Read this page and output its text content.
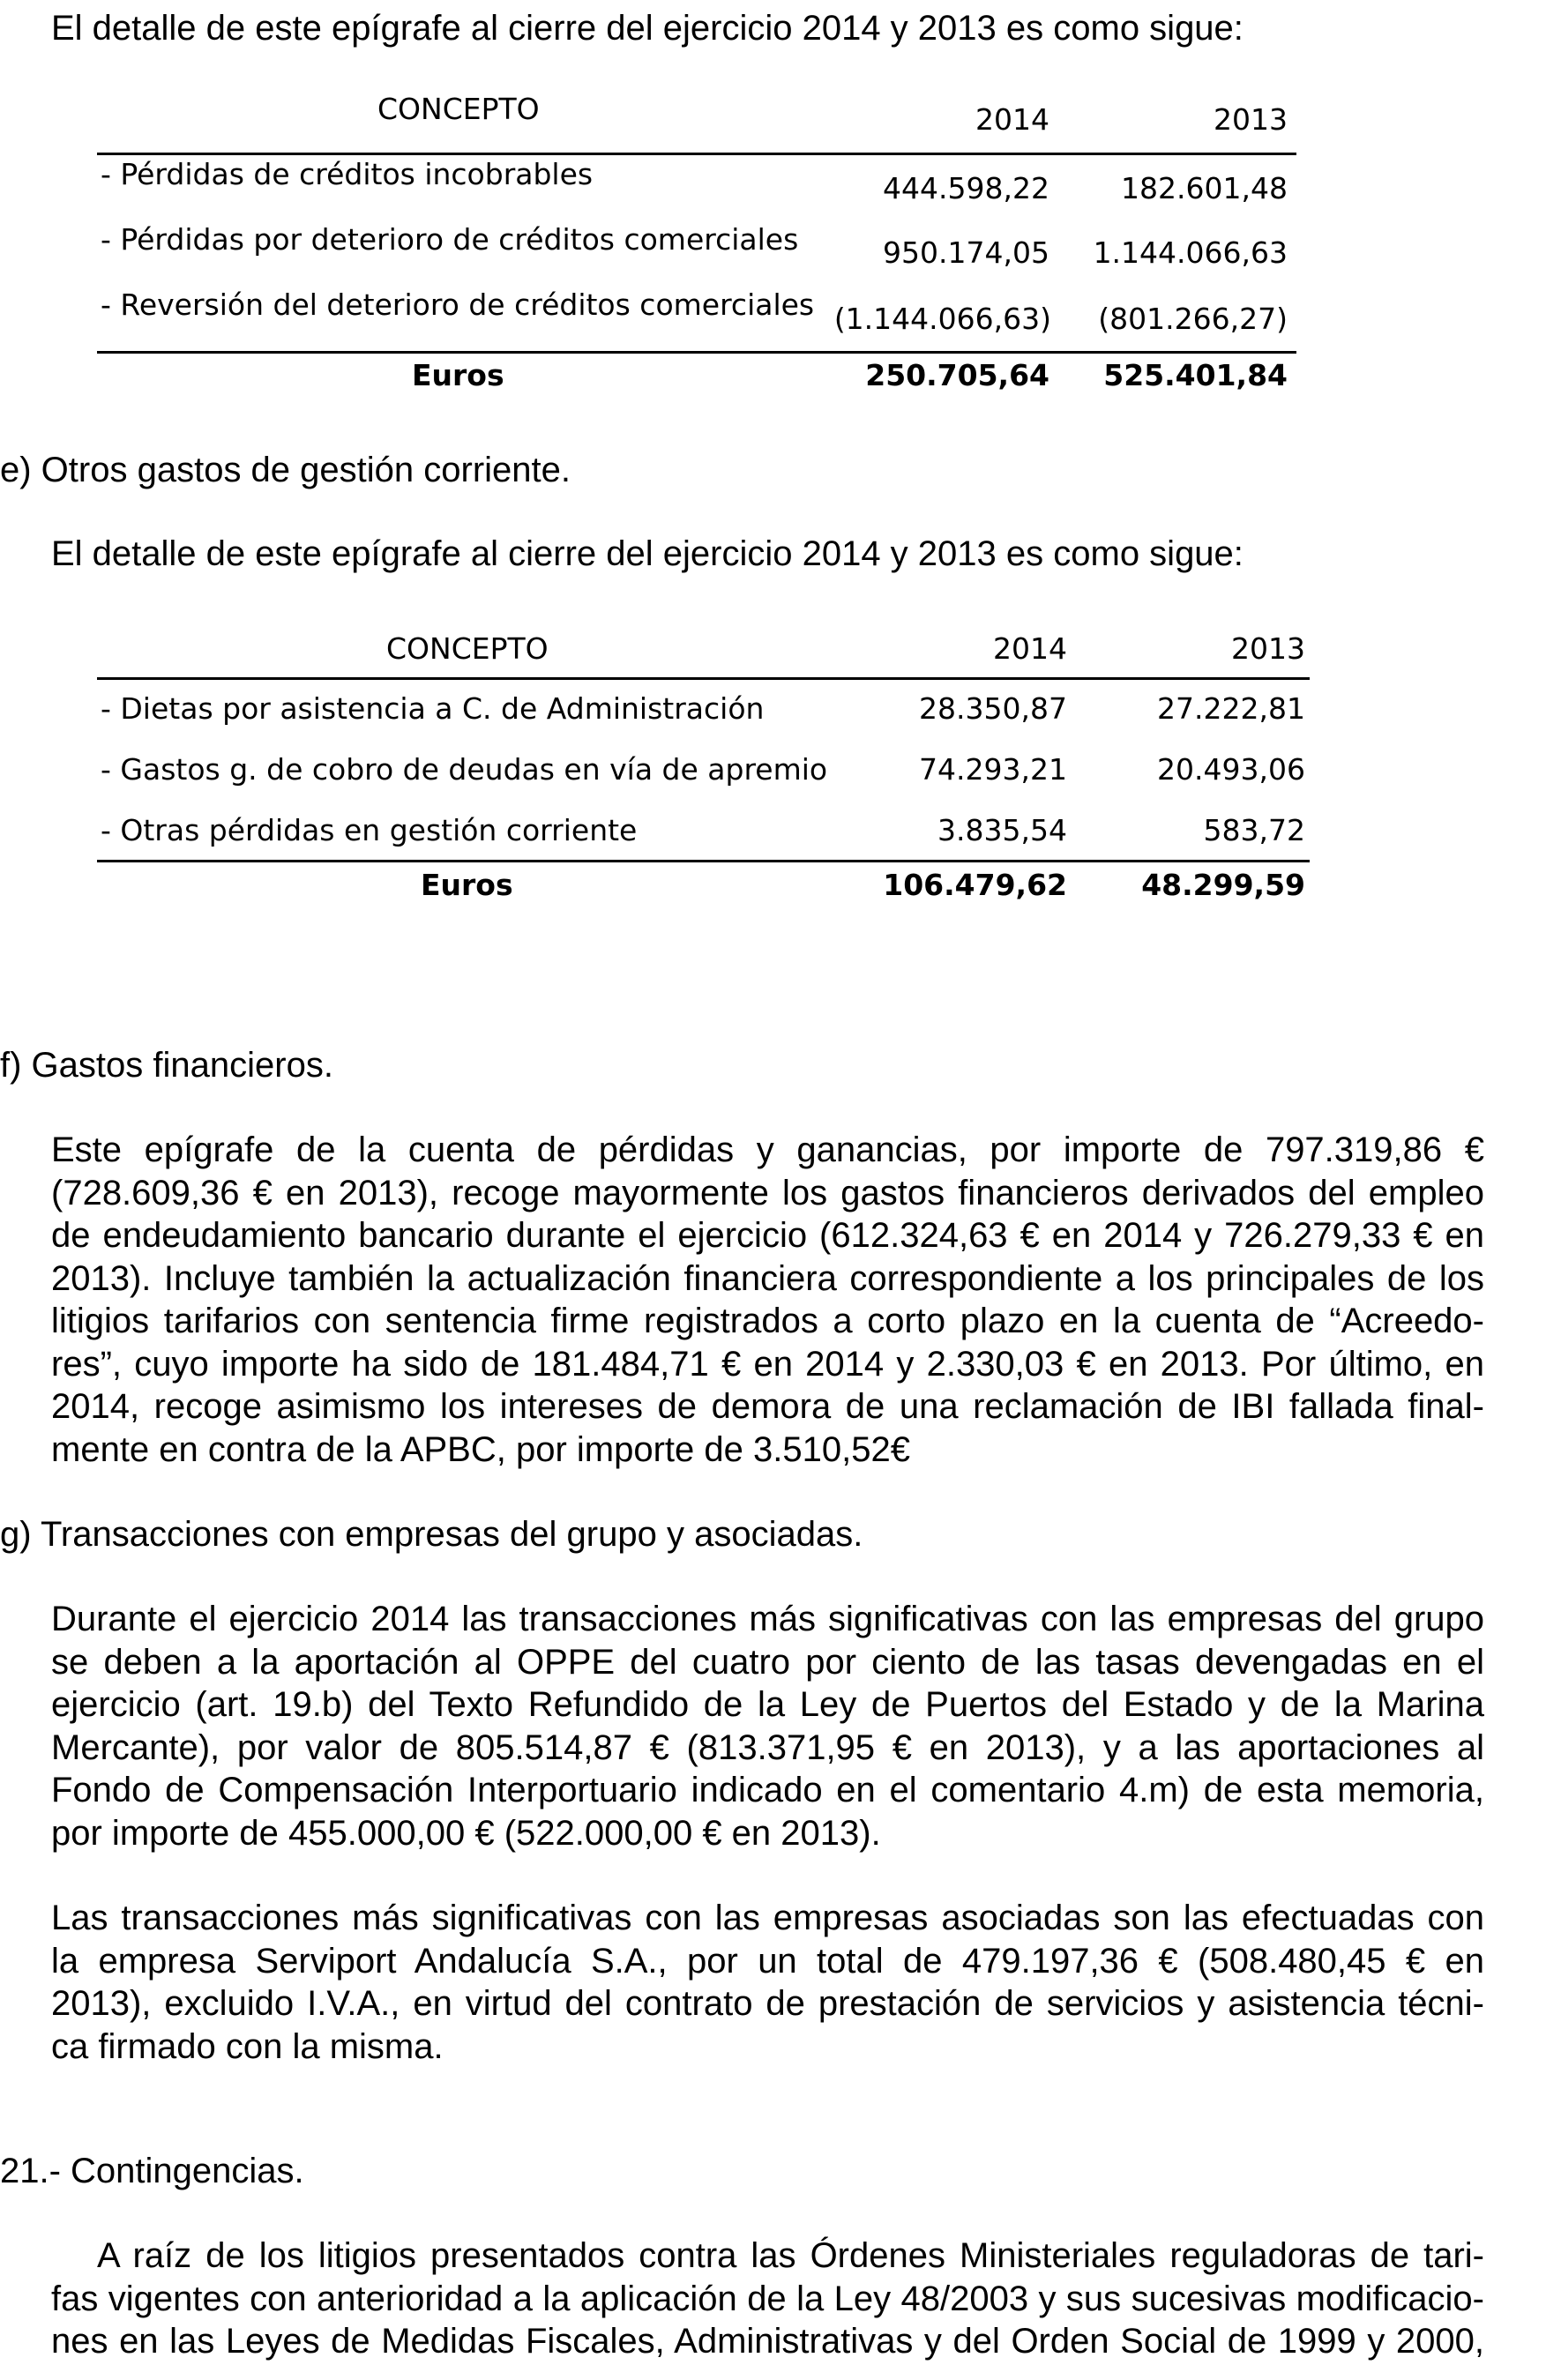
El detalle de este epígrafe al cierre del ejercicio 2014 y 2013 es como sigue:
CONCEPTO	2014	2013
- Pérdidas de créditos incobrables	444.598,22	182.601,48
- Pérdidas por deterioro de créditos comerciales	950.174,05	1.144.066,63
- Reversión del deterioro de créditos comerciales (1.144.066,63)	(801.266,27)
Euros	250.705,64	525.401,84
e) Otros gastos de gestión corriente.
El detalle de este epígrafe al cierre del ejercicio 2014 y 2013 es como sigue:
CONCEPTO	2014	2013
- Dietas por asistencia a C. de Administración	28.350,87	27.222,81
- Gastos g. de cobro de deudas en vía de apremio	74.293,21	20.493,06
- Otras pérdidas en gestión corriente	3.835,54	583,72
Euros	106.479,62	48.299,59
f) Gastos financieros.
Este epígrafe de la cuenta de pérdidas y ganancias, por importe de 797.319,86 €
(728.609,36 € en 2013), recoge mayormente los gastos financieros derivados del empleo
de endeudamiento bancario durante el ejercicio (612.324,63 € en 2014 y 726.279,33 € en
2013). Incluye también la actualización financiera correspondiente a los principales de los
litigios tarifarios con sentencia firme registrados a corto plazo en la cuenta de “Acreedo-
res”, cuyo importe ha sido de 181.484,71 € en 2014 y 2.330,03 € en 2013. Por último, en
2014, recoge asimismo los intereses de demora de una reclamación de IBI fallada final-
mente en contra de la APBC, por importe de 3.510,52€
g) Transacciones con empresas del grupo y asociadas.
Durante el ejercicio 2014 las transacciones más significativas con las empresas del grupo
se deben a la aportación al OPPE del cuatro por ciento de las tasas devengadas en el
ejercicio (art. 19.b) del Texto Refundido de la Ley de Puertos del Estado y de la Marina
Mercante), por valor de 805.514,87 € (813.371,95 € en 2013), y a las aportaciones al
Fondo de Compensación Interportuario indicado en el comentario 4.m) de esta memoria,
por importe de 455.000,00 € (522.000,00 € en 2013).
Las transacciones más significativas con las empresas asociadas son las efectuadas con
la empresa Serviport Andalucía S.A., por un total de 479.197,36 € (508.480,45 € en
2013), excluido I.V.A., en virtud del contrato de prestación de servicios y asistencia técni-
ca firmado con la misma.
21.- Contingencias.
A raíz de los litigios presentados contra las Órdenes Ministeriales reguladoras de tari-
fas vigentes con anterioridad a la aplicación de la Ley 48/2003 y sus sucesivas modificacio-
nes en las Leyes de Medidas Fiscales, Administrativas y del Orden Social de 1999 y 2000,
